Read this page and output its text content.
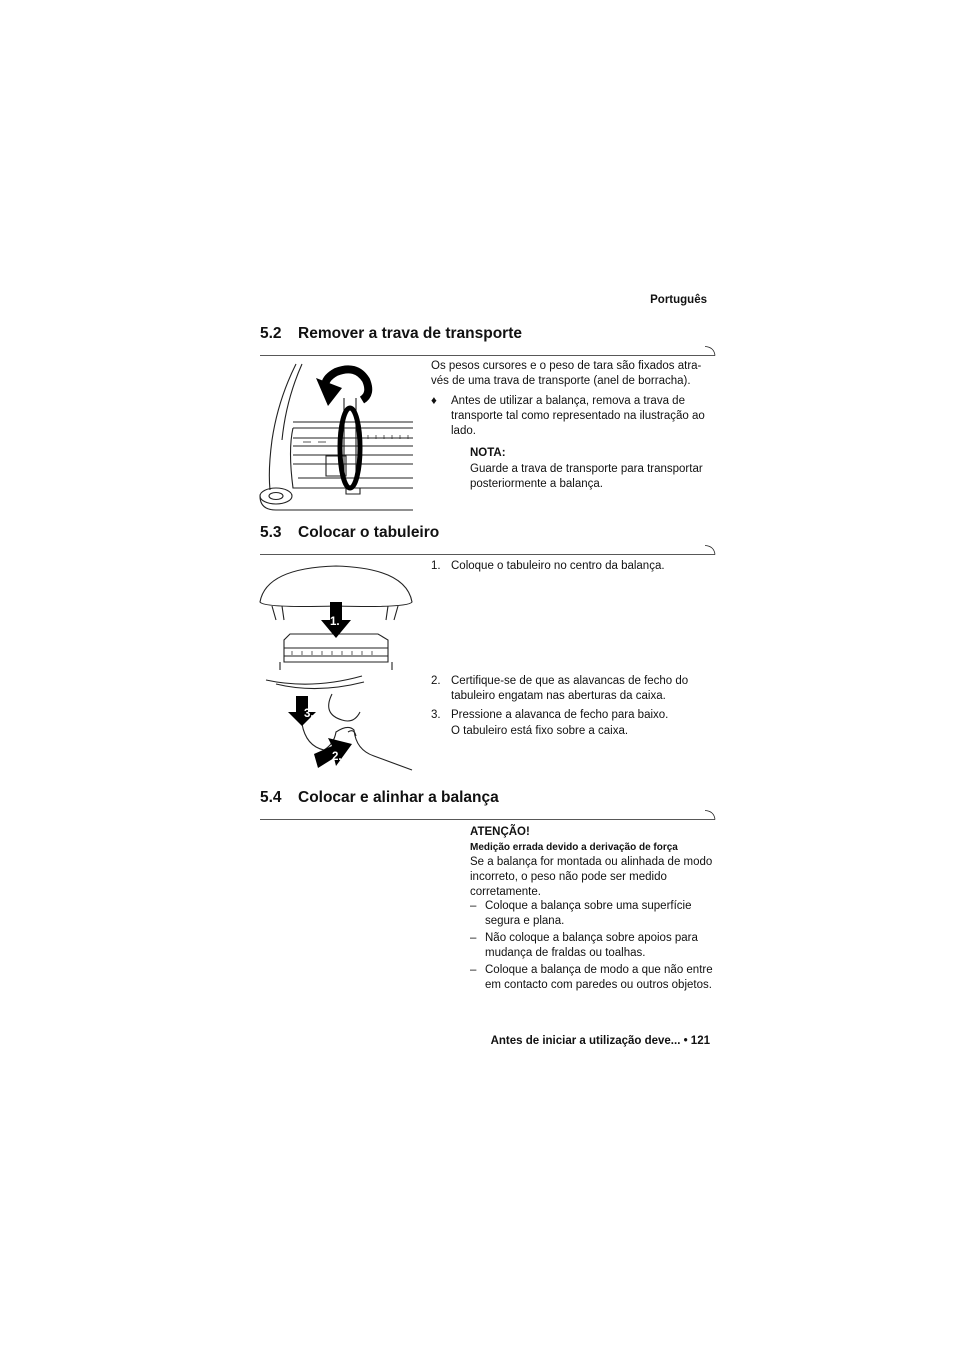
Português
5.2 Remover a trava de transporte
Os pesos cursores e o peso de tara são fixados atra-vés de uma trava de transporte (anel de borracha).
♦ Antes de utilizar a balança, remova a trava de transporte tal como representado na ilustração ao lado.
NOTA:
Guarde a trava de transporte para transportar posteriormente a balança.
5.3 Colocar o tabuleiro
1. Coloque o tabuleiro no centro da balança.
2. Certifique-se de que as alavancas de fecho do tabuleiro engatam nas aberturas da caixa.
3. Pressione a alavanca de fecho para baixo.
O tabuleiro está fixo sobre a caixa.
1.
3.
2.
5.4 Colocar e alinhar a balança
ATENÇÃO!
Medição errada devido a derivação de força
Se a balança for montada ou alinhada de modo incorreto, o peso não pode ser medido corretamente.
– Coloque a balança sobre uma superfície segura e plana.
– Não coloque a balança sobre apoios para mudança de fraldas ou toalhas.
– Coloque a balança de modo a que não entre em contacto com paredes ou outros objetos.
Antes de iniciar a utilização deve... • 121
